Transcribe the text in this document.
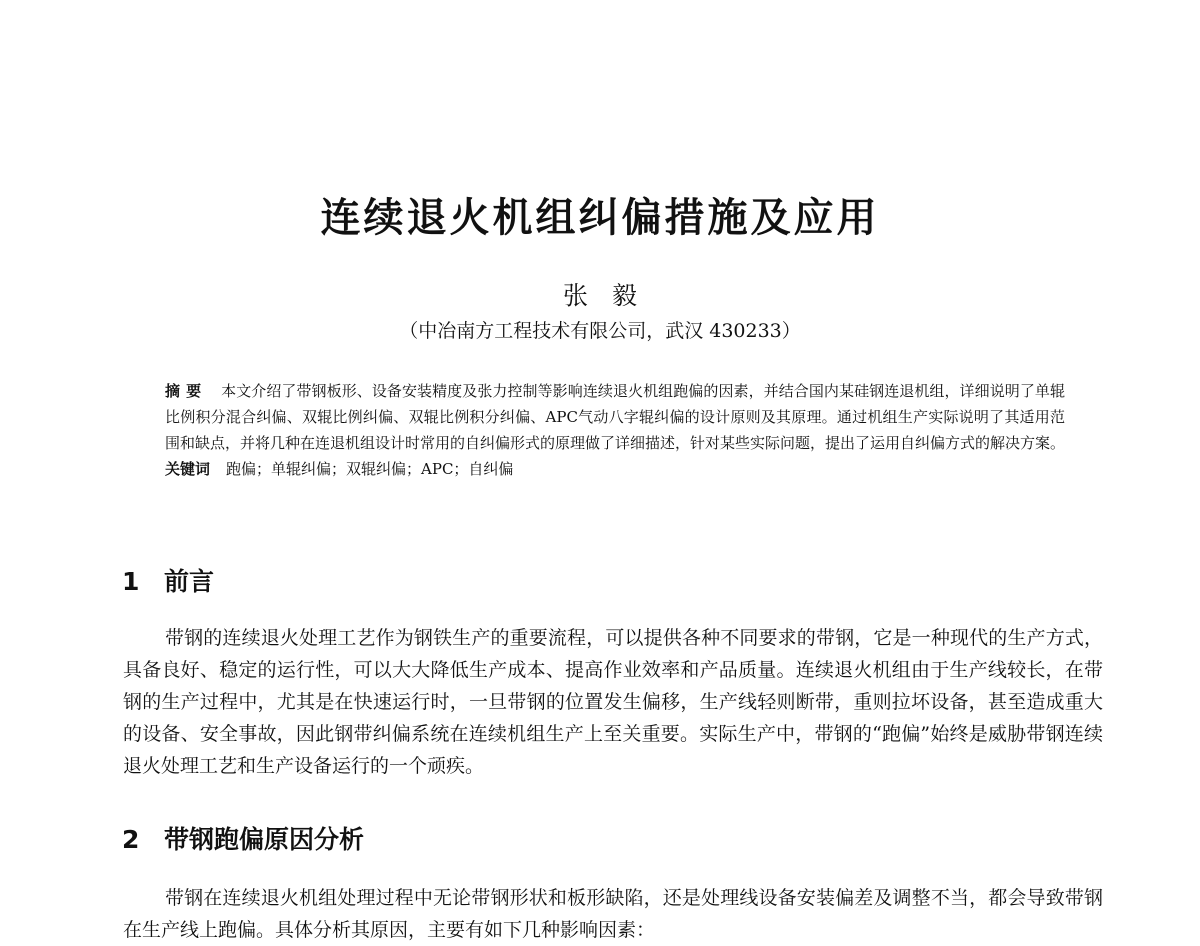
连续退火机组纠偏措施及应用
张毅
（中冶南方工程技术有限公司，武汉 430233）

摘要 本文介绍了带钢板形、设备安装精度及张力控制等影响连续退火机组跑偏的因素，并结合国内某硅钢连退机组，详细说明了单辊比例积分混合纠偏、双辊比例纠偏、双辊比例积分纠偏、APC气动八字辊纠偏的设计原则及其原理。通过机组生产实际说明了其适用范围和缺点，并将几种在连退机组设计时常用的自纠偏形式的原理做了详细描述，针对某些实际问题，提出了运用自纠偏方式的解决方案。

关键词 跑偏；单辊纠偏；双辊纠偏；APC；自纠偏

1 前言

带钢的连续退火处理工艺作为钢铁生产的重要流程，可以提供各种不同要求的带钢，它是一种现代的生产方式，具备良好、稳定的运行性，可以大大降低生产成本、提高作业效率和产品质量。连续退火机组由于生产线较长，在带钢的生产过程中，尤其是在快速运行时，一旦带钢的位置发生偏移，生产线轻则断带，重则拉坏设备，甚至造成重大的设备、安全事故，因此钢带纠偏系统在连续机组生产上至关重要。实际生产中，带钢的“跑偏”始终是威胁带钢连续退火处理工艺和生产设备运行的一个顽疾。

2 带钢跑偏原因分析

带钢在连续退火机组处理过程中无论带钢形状和板形缺陷，还是处理线设备安装偏差及调整不当，都会导致带钢在生产线上跑偏。具体分析其原因，主要有如下几种影响因素：
